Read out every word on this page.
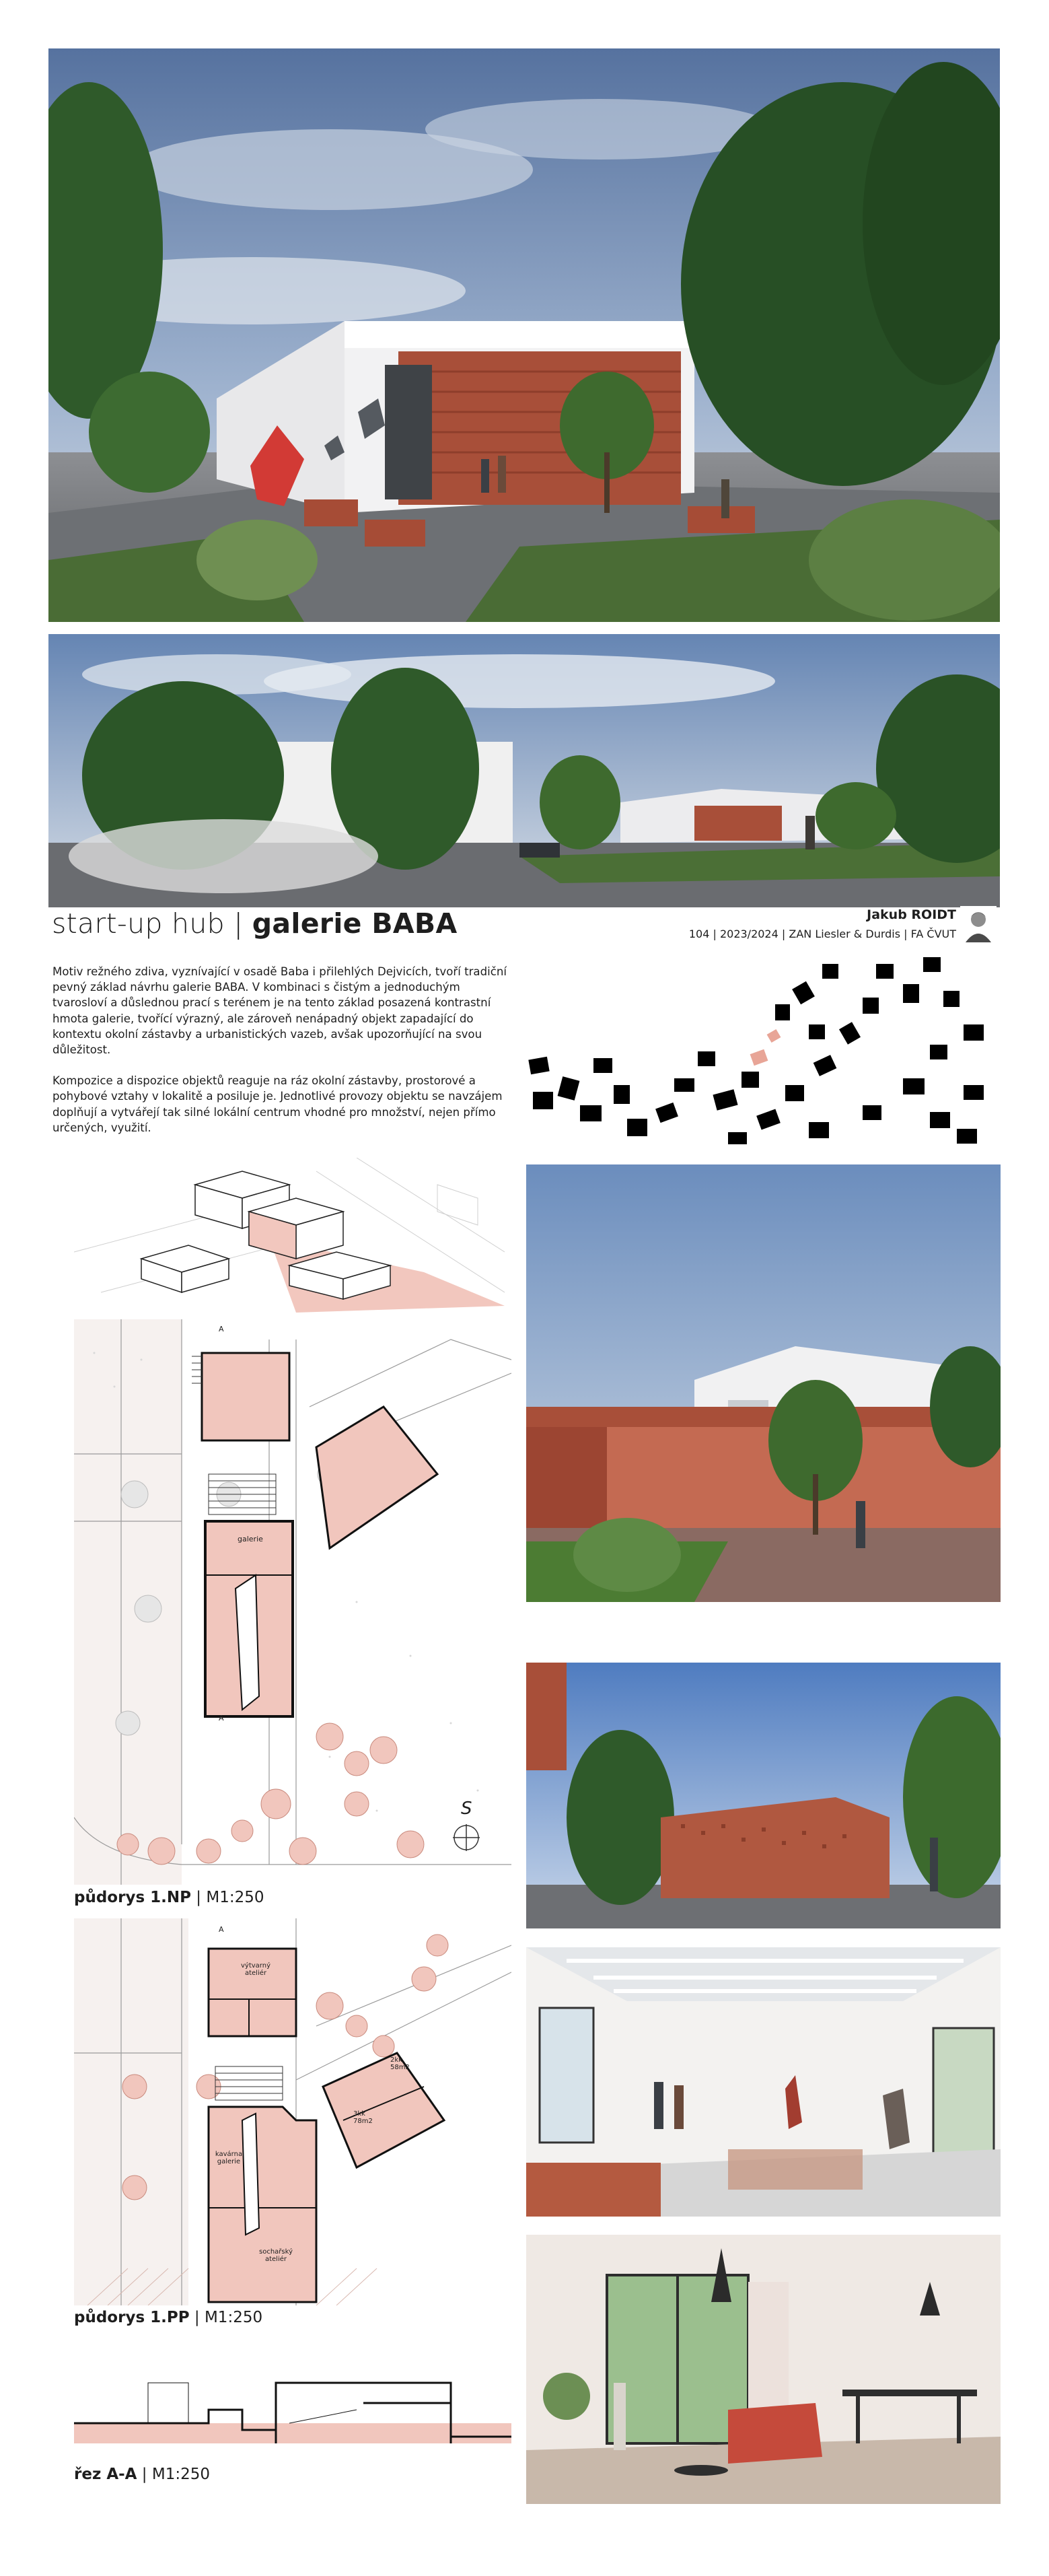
start-up hub | galerie BABA	Jakub ROIDT
104 | 2023/2024 | ZAN Liesler & Durdis | FA ČVUT

Motiv režného zdiva, vyznívající v osadě Baba i přilehlých Dejvicích, tvoří tradiční pevný základ návrhu galerie BABA. V kombinaci s čistým a jednoduchým tvarosloví a důslednou prací s terénem je na tento základ posazená kontrastní hmota galerie, tvořící výrazný, ale zároveň nenápadný objekt zapadající do kontextu okolní zástavby a urbanistických vazeb, avšak upozorňující na svou důležitost.

Kompozice a dispozice objektů reaguje na ráz okolní zástavby, prostorové a pohybové vztahy v lokalitě a posiluje je. Jednotlivé provozy objektu se navzájem doplňují a vytvářejí tak silné lokální centrum vhodné pro množství, nejen přímo určených, využití.

galerie
A
A
S
půdorys 1.NP | M1:250
výtvarný ateliér
2kk 58m2
3kk 78m2
kavárna galerie
sochařský ateliér
A
půdorys 1.PP | M1:250
řez A-A | M1:250
